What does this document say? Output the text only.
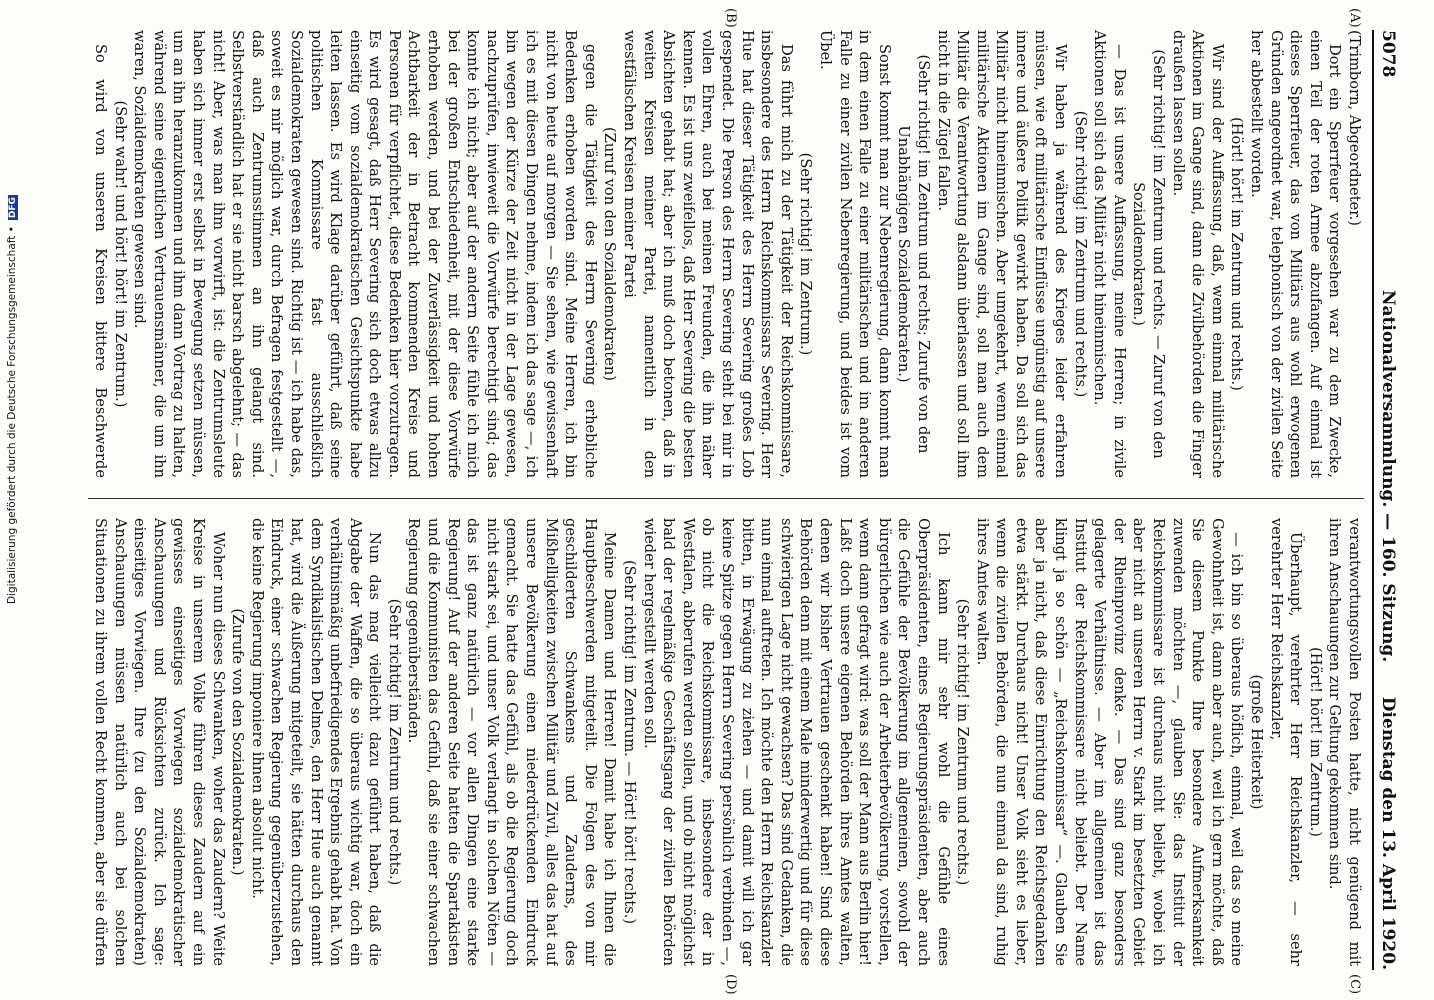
5078
Nationalversammlung. — 160. Sitzung.
Dienstag den 13. April 1920.
(A)
(B)
(C)
(D)

(Trimborn, Abgeordneter.)

Dort ein Sperrfeuer vorgesehen war zu dem Zwecke, einen Teil der roten Armee abzufangen. Auf einmal ist dieses Sperrfeuer, das von Militärs aus wohl erwogenen Gründen angeordnet war, telephonisch von der zivilen Seite her abbestellt worden.

(Hört! hört! im Zentrum und rechts.)

Wir sind der Auffassung, daß, wenn einmal militärische Aktionen im Gange sind, dann die Zivilbehörden die Finger draußen lassen sollen.

(Sehr richtig! im Zentrum und rechts. — Zuruf von den Sozialdemokraten.)

— Das ist unsere Auffassung, meine Herren; in zivile Aktionen soll sich das Militär nicht hineinmischen.

(Sehr richtig! im Zentrum und rechts.)

Wir haben ja während des Krieges leider erfahren müssen, wie oft militärische Einflüsse ungünstig auf unsere innere und äußere Politik gewirkt haben. Da soll sich das Militär nicht hineinmischen. Aber umgekehrt, wenn einmal militärische Aktionen im Gange sind, soll man auch dem Militär die Verantwortung alsdann überlassen und soll ihm nicht in die Zügel fallen.

(Sehr richtig! im Zentrum und rechts; Zurufe von den Unabhängigen Sozialdemokraten.)

Sonst kommt man zur Nebenregierung, dann kommt man in dem einen Falle zu einer militärischen und im anderen Falle zu einer zivilen Nebenregierung, und beides ist vom Übel.

(Sehr richtig! im Zentrum.)

Das führt mich zu der Tätigkeit der Reichskommissare, insbesondere des Herrn Reichskommissars Severing. Herr Hue hat dieser Tätigkeit des Herrn Severing großes Lob gespendet. Die Person des Herrn Severing steht bei mir in vollen Ehren, auch bei meinen Freunden, die ihn näher kennen. Es ist uns zweifellos, daß Herr Severing die besten Absichten gehabt hat; aber ich muß doch betonen, daß in weiten Kreisen meiner Partei, namentlich in den westfälischen Kreisen meiner Partei

(Zuruf von den Sozialdemokraten)

gegen die Tätigkeit des Herrn Severing erhebliche Bedenken erhoben worden sind. Meine Herren, ich bin nicht von heute auf morgen — Sie sehen, wie gewissenhaft ich es mit diesen Dingen nehme, indem ich das sage —, ich bin wegen der Kürze der Zeit nicht in der Lage gewesen, nachzuprüfen, inwieweit die Vorwürfe berechtigt sind; das konnte ich nicht; aber auf der andern Seite fühle ich mich bei der großen Entschiedenheit, mit der diese Vorwürfe erhoben werden, und bei der Zuverlässigkeit und hohen Achtbarkeit der in Betracht kommenden Kreise und Personen für verpflichtet, diese Bedenken hier vorzutragen. Es wird gesagt, daß Herr Severing sich doch etwas allzu einseitig vom sozialdemokratischen Gesichtspunkte habe leiten lassen. Es wird Klage darüber geführt, daß seine politischen Kommissare fast ausschließlich Sozialdemokraten gewesen sind. Richtig ist — ich habe das, soweit es mir möglich war, durch Befragen festgestellt —, daß auch Zentrumsstimmen an ihn gelangt sind. Selbstverständlich hat er sie nicht barsch abgelehnt; — das nicht! Aber, was man ihm vorwirft, ist: die Zentrumsleute haben sich immer erst selbst in Bewegung setzen müssen, um an ihn heranzukommen und ihm dann Vortrag zu halten, während seine eigentlichen Vertrauensmänner, die um ihn waren, Sozialdemokraten gewesen sind.

(Sehr wahr! und hört! hört! im Zentrum.)

So wird von unseren Kreisen bittere Beschwerde

verantwortungsvollen Posten hatte, nicht genügend mit ihren Anschauungen zur Geltung gekommen sind.

(Hört! hört! im Zentrum.)

Überhaupt, verehrter Herr Reichskanzler, — sehr verehrter Herr Reichskanzler,

(große Heiterkeit)

— ich bin so überaus höflich, einmal, weil das so meine Gewohnheit ist, dann aber auch, weil ich gern möchte, daß Sie diesem Punkte Ihre besondere Aufmerksamkeit zuwenden möchten —, glauben Sie: das Institut der Reichskommissare ist durchaus nicht beliebt, wobei ich aber nicht an unseren Herrn v. Stark im besetzten Gebiet der Rheinprovinz denke. — Das sind ganz besonders gelagerte Verhältnisse. — Aber im allgemeinen ist das Institut der Reichskommissare nicht beliebt. Der Name klingt ja so schön — „Reichskommissar“ —. Glauben Sie aber ja nicht, daß diese Einrichtung den Reichsgedanken etwa stärkt. Durchaus nicht! Unser Volk sieht es lieber, wenn die zivilen Behörden, die nun einmal da sind, ruhig ihres Amtes walten.

(Sehr richtig! im Zentrum und rechts.)

Ich kann mir sehr wohl die Gefühle eines Oberpräsidenten, eines Regierungspräsidenten, aber auch die Gefühle der Bevölkerung im allgemeinen, sowohl der bürgerlichen wie auch der Arbeiterbevölkerung, vorstellen, wenn dann gefragt wird: was soll der Mann aus Berlin hier! Laßt doch unsere eigenen Behörden ihres Amtes walten, denen wir bisher Vertrauen geschenkt haben! Sind diese Behörden denn mit einem Male minderwertig und für diese schwierigen Lage nicht gewachsen? Das sind Gedanken, die nun einmal auftreten. Ich möchte den Herrn Reichskanzler bitten, in Erwägung zu ziehen — und damit will ich gar keine Spitze gegen Herrn Severing persönlich verbinden —, ob nicht die Reichskommissare, insbesondere der in Westfalen, abberufen werden sollen, und ob nicht möglichst bald der regelmäßige Geschäftsgang der zivilen Behörden wieder hergestellt werden soll.

(Sehr richtig! im Zentrum. — Hört! hört! rechts.)

Meine Damen und Herren! Damit habe ich Ihnen die Hauptbeschwerden mitgeteilt. Die Folgen des von mir geschilderten Schwankens und Zauderns, des Mißhelligkeiten zwischen Militär und Zivil, alles das hat auf unsere Bevölkerung einen niederdrückenden Eindruck gemacht. Sie hatte das Gefühl, als ob die Regierung doch nicht stark sei, und unser Volk verlangt in solchen Nöten — das ist ganz natürlich — vor allen Dingen eine starke Regierung! Auf der anderen Seite hatten die Spartakisten und die Kommunisten das Gefühl, daß sie einer schwachen Regierung gegenüberständen.

(Sehr richtig! im Zentrum und rechts.)

Nun das mag vielleicht dazu geführt haben, daß die Abgabe der Waffen, die so überaus wichtig war, doch ein verhältnismäßig unbefriedigendes Ergebnis gehabt hat. Von dem Syndikalistischen Delmes, den Herr Hue auch genannt hat, wird die Äußerung mitgeteilt, sie hätten durchaus den Eindruck, einer schwachen Regierung gegenüberzustehen, die keine Regierung imponiere ihnen absolut nicht.

(Zurufe von den Sozialdemokraten.)

Woher nun dieses Schwanken, woher das Zaudern? Weite Kreise in unserem Volke führen dieses Zaudern auf ein gewisses einseitiges Vorwiegen sozialdemokratischer Anschauungen und Rücksichten zurück. Ich sage: einseitiges Vorwiegen. Ihre (zu den Sozialdemokraten) Anschauungen müssen natürlich auch bei solchen Situationen zu ihrem vollen Recht kommen, aber sie dürfen

Digitalisierung gefördert durch die Deutsche Forschungsgemeinschaft •DFG
